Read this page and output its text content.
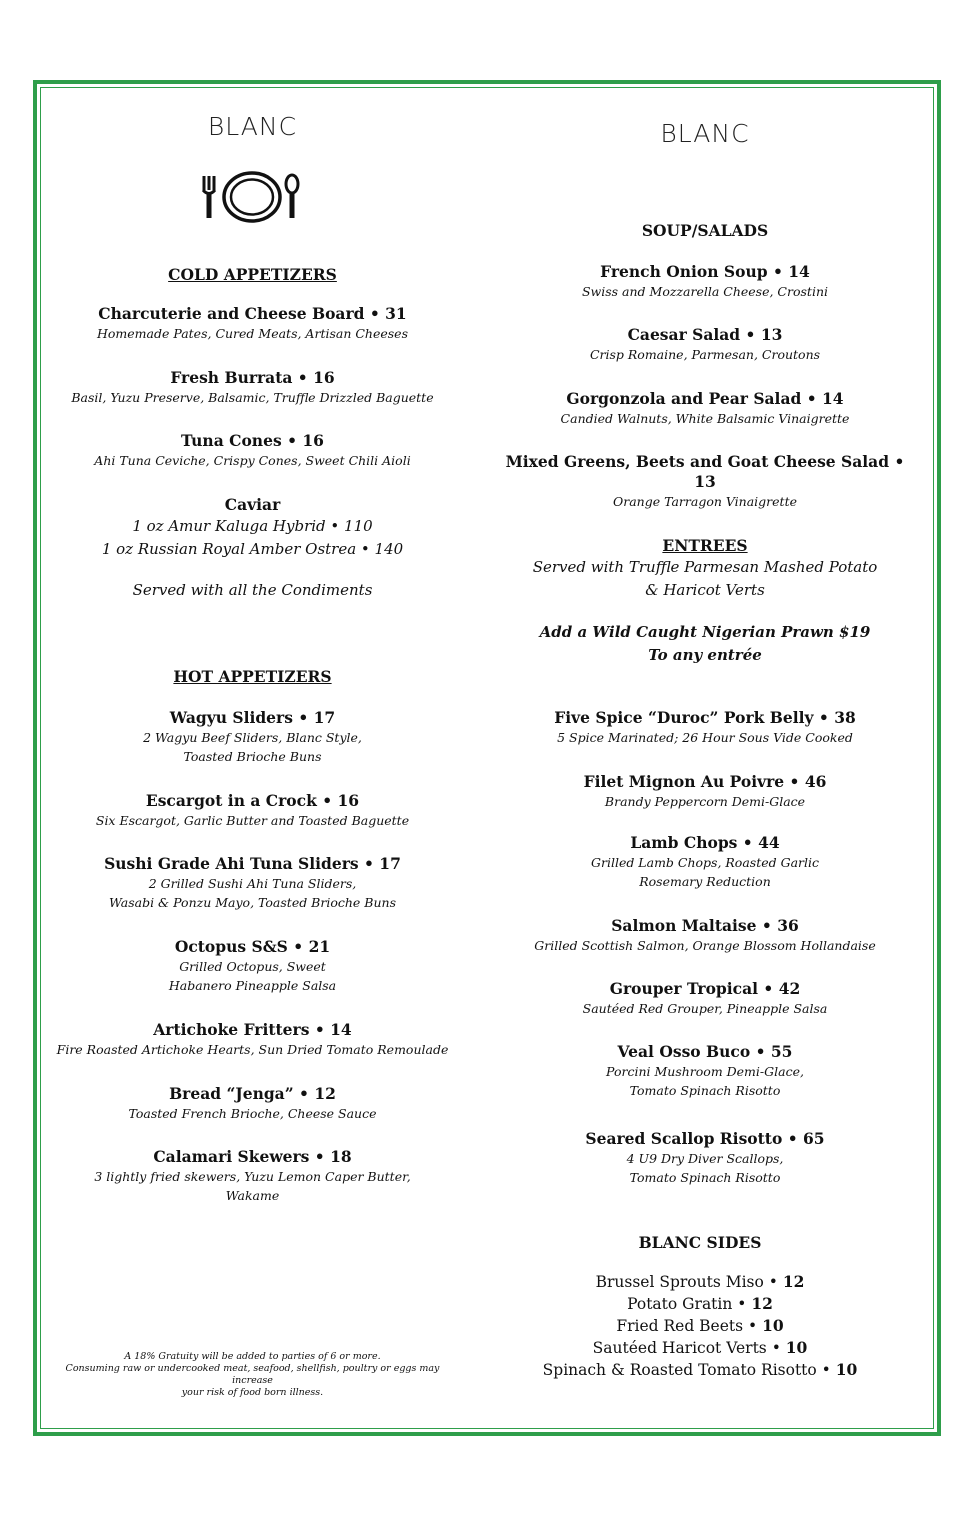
BLANC
COLD APPETIZERS
Charcuterie and Cheese Board • 31
Homemade Pates, Cured Meats, Artisan Cheeses
Fresh Burrata • 16
Basil, Yuzu Preserve, Balsamic, Truffle Drizzled Baguette
Tuna Cones • 16
Ahi Tuna Ceviche, Crispy Cones, Sweet Chili Aioli
Caviar
1 oz Amur Kaluga Hybrid • 110
1 oz Russian Royal Amber Ostrea • 140
Served with all the Condiments
HOT APPETIZERS
Wagyu Sliders • 17
2 Wagyu Beef Sliders, Blanc Style,
Toasted Brioche Buns
Escargot in a Crock • 16
Six Escargot, Garlic Butter and Toasted Baguette
Sushi Grade Ahi Tuna Sliders • 17
2 Grilled Sushi Ahi Tuna Sliders,
Wasabi & Ponzu Mayo, Toasted Brioche Buns
Octopus S&S • 21
Grilled Octopus, Sweet
Habanero Pineapple Salsa
Artichoke Fritters • 14
Fire Roasted Artichoke Hearts, Sun Dried Tomato Remoulade
Bread “Jenga” • 12
Toasted French Brioche, Cheese Sauce
Calamari Skewers • 18
3 lightly fried skewers, Yuzu Lemon Caper Butter,
Wakame
A 18% Gratuity will be added to parties of 6 or more.
Consuming raw or undercooked meat, seafood, shellfish, poultry or eggs may increase
your risk of food born illness.
BLANC
SOUP/SALADS
French Onion Soup • 14
Swiss and Mozzarella Cheese, Crostini
Caesar Salad • 13
Crisp Romaine, Parmesan, Croutons
Gorgonzola and Pear Salad • 14
Candied Walnuts, White Balsamic Vinaigrette
Mixed Greens, Beets and Goat Cheese Salad • 13
Orange Tarragon Vinaigrette
ENTREES
Served with Truffle Parmesan Mashed Potato
& Haricot Verts
Add a Wild Caught Nigerian Prawn $19
To any entrée
Five Spice “Duroc” Pork Belly • 38
5 Spice Marinated; 26 Hour Sous Vide Cooked
Filet Mignon Au Poivre • 46
Brandy Peppercorn Demi-Glace
Lamb Chops • 44
Grilled Lamb Chops, Roasted Garlic
Rosemary Reduction
Salmon Maltaise • 36
Grilled Scottish Salmon, Orange Blossom Hollandaise
Grouper Tropical • 42
Sautéed Red Grouper, Pineapple Salsa
Veal Osso Buco • 55
Porcini Mushroom Demi-Glace,
Tomato Spinach Risotto
Seared Scallop Risotto • 65
4 U9 Dry Diver Scallops,
Tomato Spinach Risotto
BLANC SIDES
Brussel Sprouts Miso • 12
Potato Gratin • 12
Fried Red Beets • 10
Sautéed Haricot Verts • 10
Spinach & Roasted Tomato Risotto • 10
